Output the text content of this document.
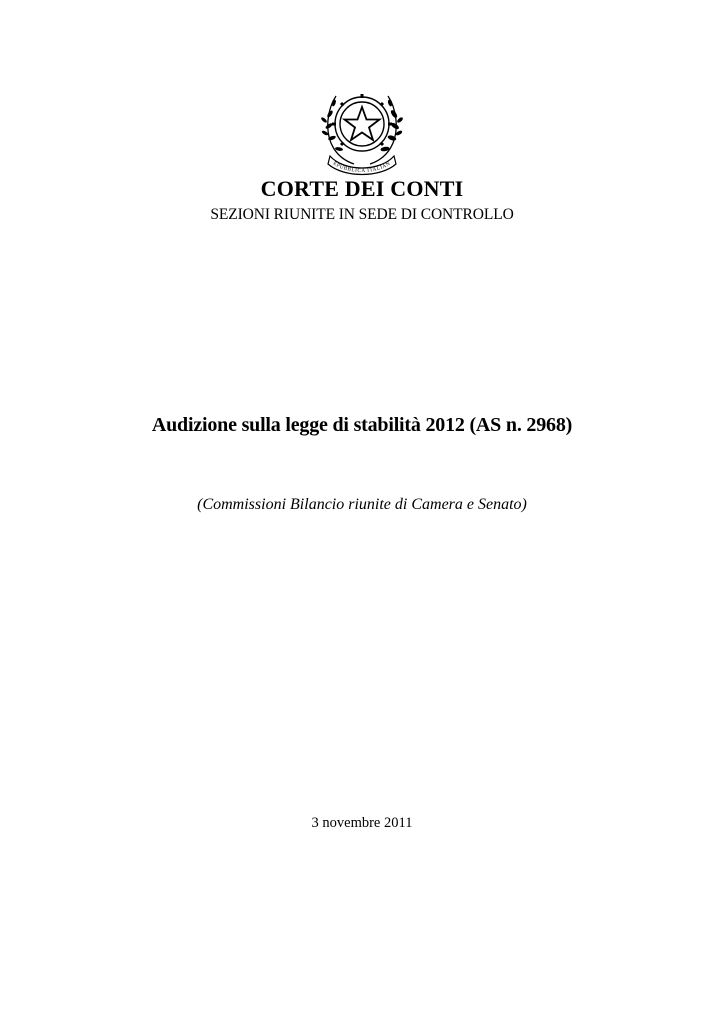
EPUBBLICA ITALIAN
CORTE DEI CONTI
SEZIONI RIUNITE IN SEDE DI CONTROLLO
Audizione sulla legge di stabilità 2012 (AS n. 2968)
(Commissioni Bilancio riunite di Camera e Senato)
3 novembre 2011
